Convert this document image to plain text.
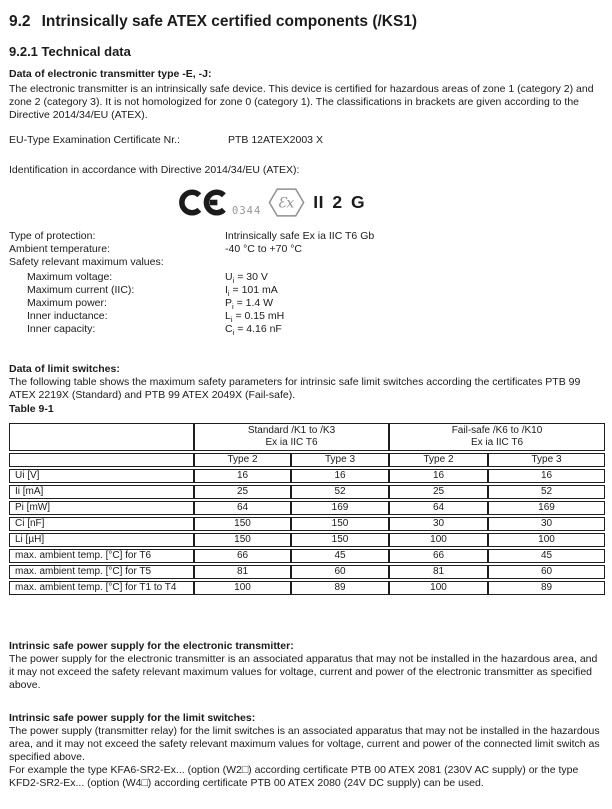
9.2 Intrinsically safe ATEX certified components (/KS1)
9.2.1 Technical data
Data of electronic transmitter type -E, -J:

The electronic transmitter is an intrinsically safe device. This device is certified for hazardous areas of zone 1 (category 2) and zone 2 (category 3). It is not homologized for zone 0 (category 1). The classifications in brackets are given according to the Directive 2014/34/EU (ATEX).

EU-Type Examination Certificate Nr.:	PTB 12ATEX2003 X

Identification in accordance with Directive 2014/34/EU (ATEX):

0344 Ɛx II 2 G
Type of protection:	Intrinsically safe Ex ia IIC T6 Gb
Ambient temperature:	-40 °C to +70 °C
Safety relevant maximum values:
Maximum voltage:	$U_i = 30$ V
Maximum current (IIC):	$I_i = 101$ mA
Maximum power:	$P_i = 1.4$ W
Inner inductance:	$L_i = 0.15$ mH
Inner capacity:	$C_i = 4.16$ nF
Data of limit switches:

The following table shows the maximum safety parameters for intrinsic safe limit switches according the certificates PTB 99 ATEX 2219X (Standard) and PTB 99 ATEX 2049X (Fail-safe).

Table 9-1

Standard /K1 to /K3
Ex ia IIC T6

Fail-safe /K6 to /K10
Ex ia IIC T6

	Type 2	Type 3	Type 2	Type 3
Ui [V]	16	16	16	16
Ii [mA]	25	52	25	52
Pi [mW]	64	169	64	169
Ci [nF]	150	150	30	30
Li [µH]	150	150	100	100
max. ambient temp. [°C] for T6	66	45	66	45
max. ambient temp. [°C] for T5	81	60	81	60
max. ambient temp. [°C] for T1 to T4	100	89	100	89
Intrinsic safe power supply for the electronic transmitter:

The power supply for the electronic transmitter is an associated apparatus that may not be installed in the hazardous area, and it may not exceed the safety relevant maximum values for voltage, current and power of the electronic transmitter as specified above.

Intrinsic safe power supply for the limit switches:

The power supply (transmitter relay) for the limit switches is an associated apparatus that may not be installed in the hazardous area, and it may not exceed the safety relevant maximum values for voltage, current and power of the connected limit switch as specified above.

For example the type KFA6-SR2-Ex... (option (W2□) according certificate PTB 00 ATEX 2081 (230V AC supply) or the type KFD2-SR2-Ex... (option (W4□) according certificate PTB 00 ATEX 2080 (24V DC supply) can be used.
